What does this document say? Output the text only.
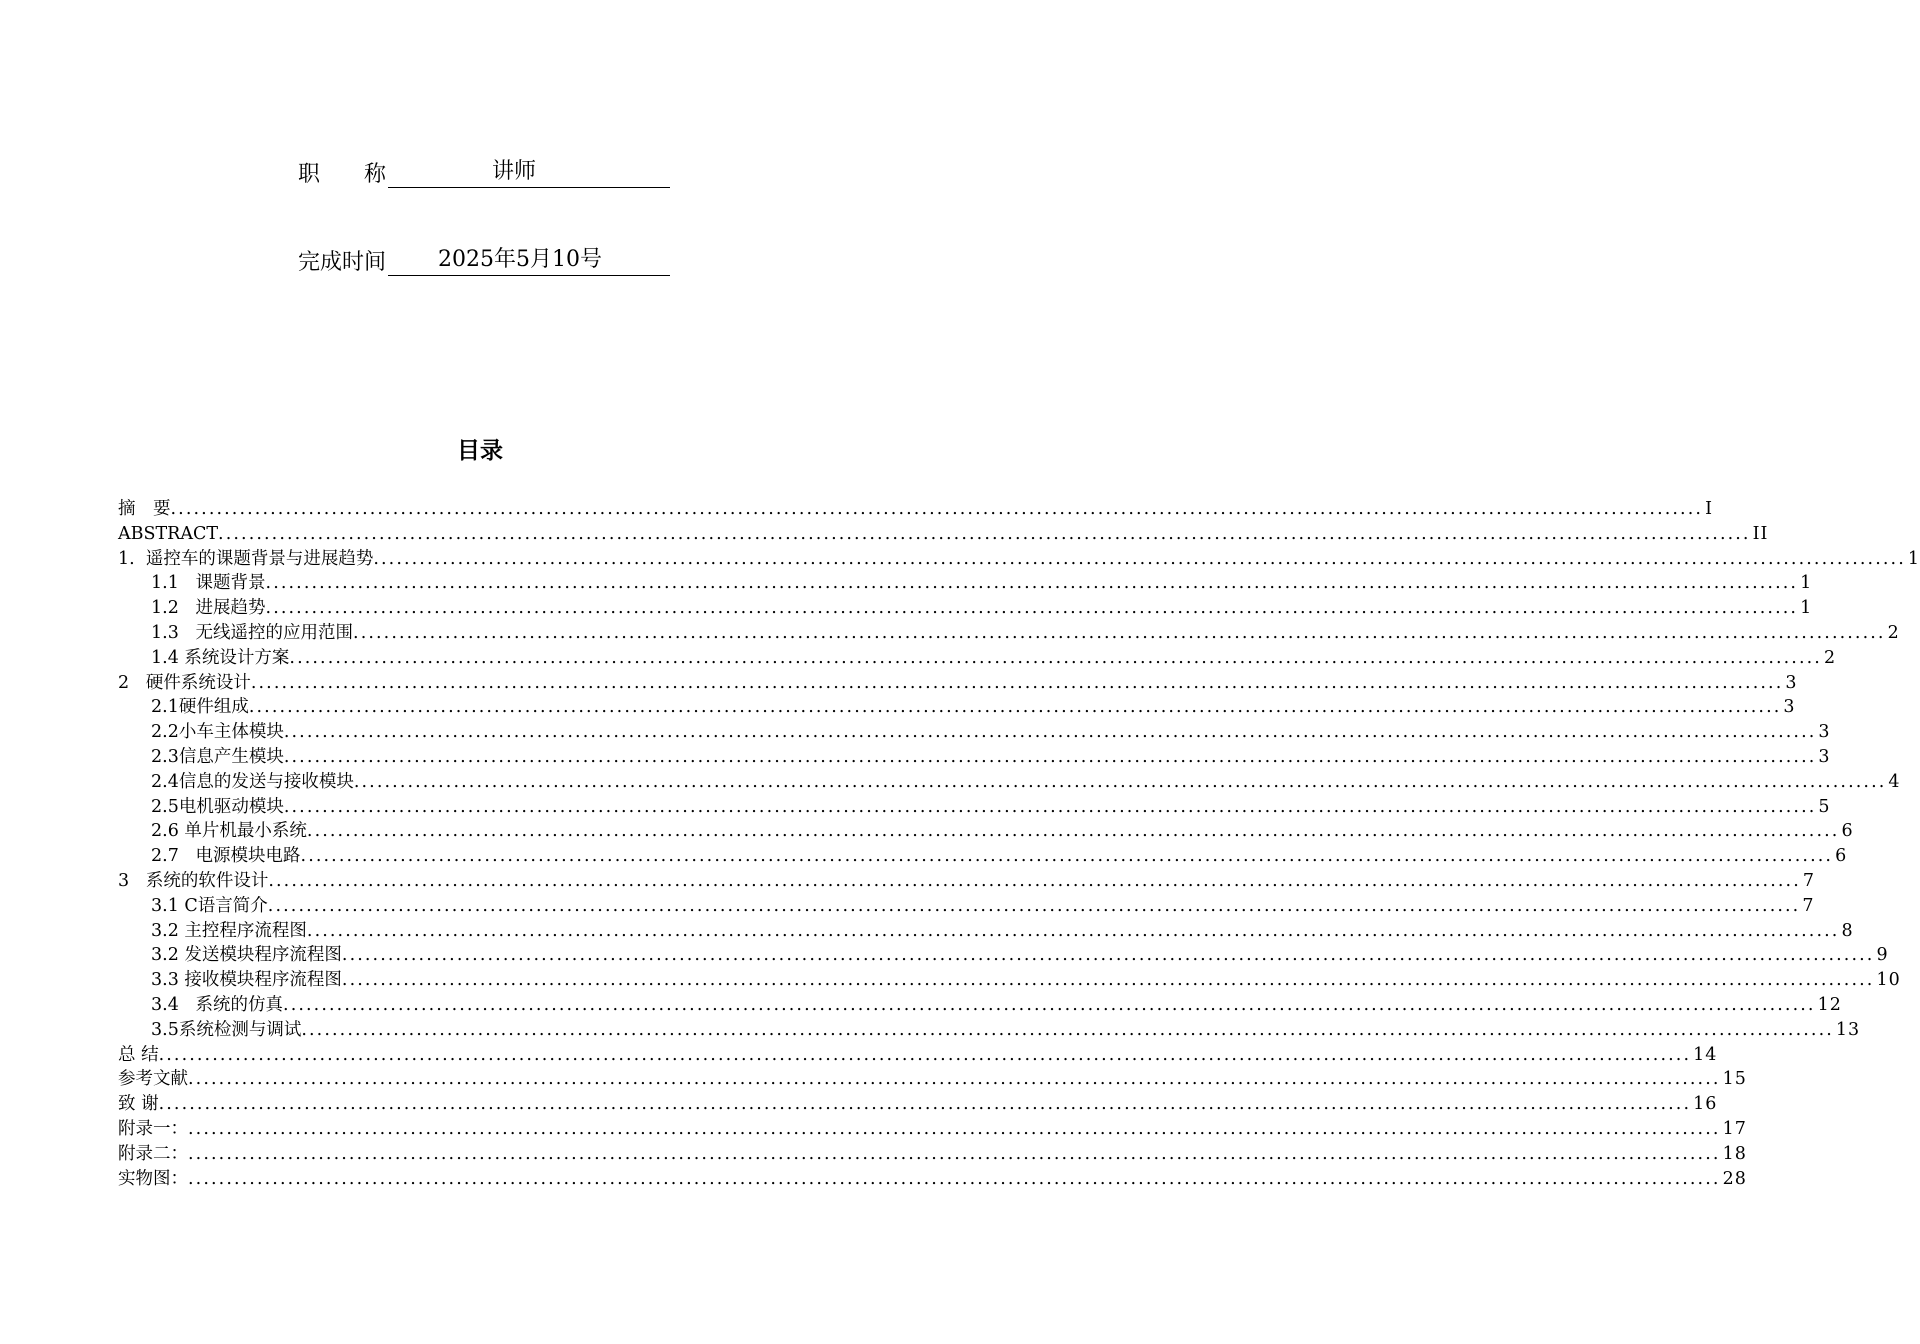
职　　称	讲师
完成时间	2025年5月10号
目录
摘　要 ........................................................................................................................................................................................................ I
ABSTRACT ........................................................................................................................................................................................................ II
1.  遥控车的课题背景与进展趋势 ........................................................................................................................................................................................................ 1
1.1   课题背景 ........................................................................................................................................................................................................ 1
1.2   进展趋势 ........................................................................................................................................................................................................ 1
1.3   无线遥控的应用范围 ........................................................................................................................................................................................................ 2
1.4 系统设计方案 ........................................................................................................................................................................................................ 2
2   硬件系统设计 ........................................................................................................................................................................................................ 3
2.1硬件组成 ........................................................................................................................................................................................................ 3
2.2小车主体模块 ........................................................................................................................................................................................................ 3
2.3信息产生模块 ........................................................................................................................................................................................................ 3
2.4信息的发送与接收模块 ........................................................................................................................................................................................................ 4
2.5电机驱动模块 ........................................................................................................................................................................................................ 5
2.6 单片机最小系统 ........................................................................................................................................................................................................ 6
2.7   电源模块电路 ........................................................................................................................................................................................................ 6
3   系统的软件设计 ........................................................................................................................................................................................................ 7
3.1 C语言简介 ........................................................................................................................................................................................................ 7
3.2 主控程序流程图 ........................................................................................................................................................................................................ 8
3.2 发送模块程序流程图 ........................................................................................................................................................................................................ 9
3.3 接收模块程序流程图 ........................................................................................................................................................................................................ 10
3.4   系统的仿真 ........................................................................................................................................................................................................ 12
3.5系统检测与调试 ........................................................................................................................................................................................................ 13
总 结 ........................................................................................................................................................................................................ 14
参考文献 ........................................................................................................................................................................................................ 15
致 谢 ........................................................................................................................................................................................................ 16
附录一： ........................................................................................................................................................................................................ 17
附录二： ........................................................................................................................................................................................................ 18
实物图： ........................................................................................................................................................................................................ 28
